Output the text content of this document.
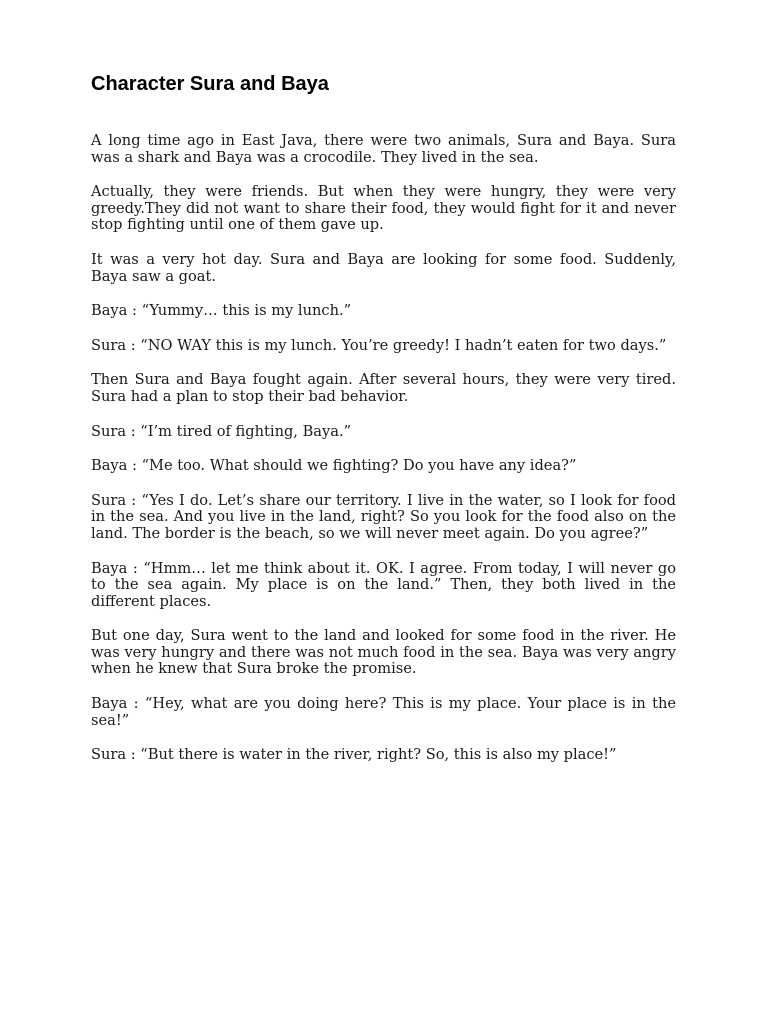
Character Sura and Baya

A long time ago in East Java, there were two animals, Sura and Baya. Sura was a shark and Baya was a crocodile. They lived in the sea.

Actually, they were friends. But when they were hungry, they were very greedy.They did not want to share their food, they would fight for it and never stop fighting until one of them gave up.

It was a very hot day. Sura and Baya are looking for some food. Suddenly, Baya saw a goat.

Baya : “Yummy… this is my lunch.”

Sura : “NO WAY this is my lunch. You’re greedy! I hadn’t eaten for two days.”

Then Sura and Baya fought again. After several hours, they were very tired. Sura had a plan to stop their bad behavior.

Sura : “I’m tired of fighting, Baya.”

Baya : “Me too. What should we fighting? Do you have any idea?”

Sura : “Yes I do. Let’s share our territory. I live in the water, so I look for food in the sea. And you live in the land, right? So you look for the food also on the land. The border is the beach, so we will never meet again. Do you agree?”

Baya : “Hmm… let me think about it. OK. I agree. From today, I will never go to the sea again. My place is on the land.” Then, they both lived in the different places.

But one day, Sura went to the land and looked for some food in the river. He was very hungry and there was not much food in the sea. Baya was very angry when he knew that Sura broke the promise.

Baya : “Hey, what are you doing here? This is my place. Your place is in the sea!”

Sura : “But there is water in the river, right? So, this is also my place!”
